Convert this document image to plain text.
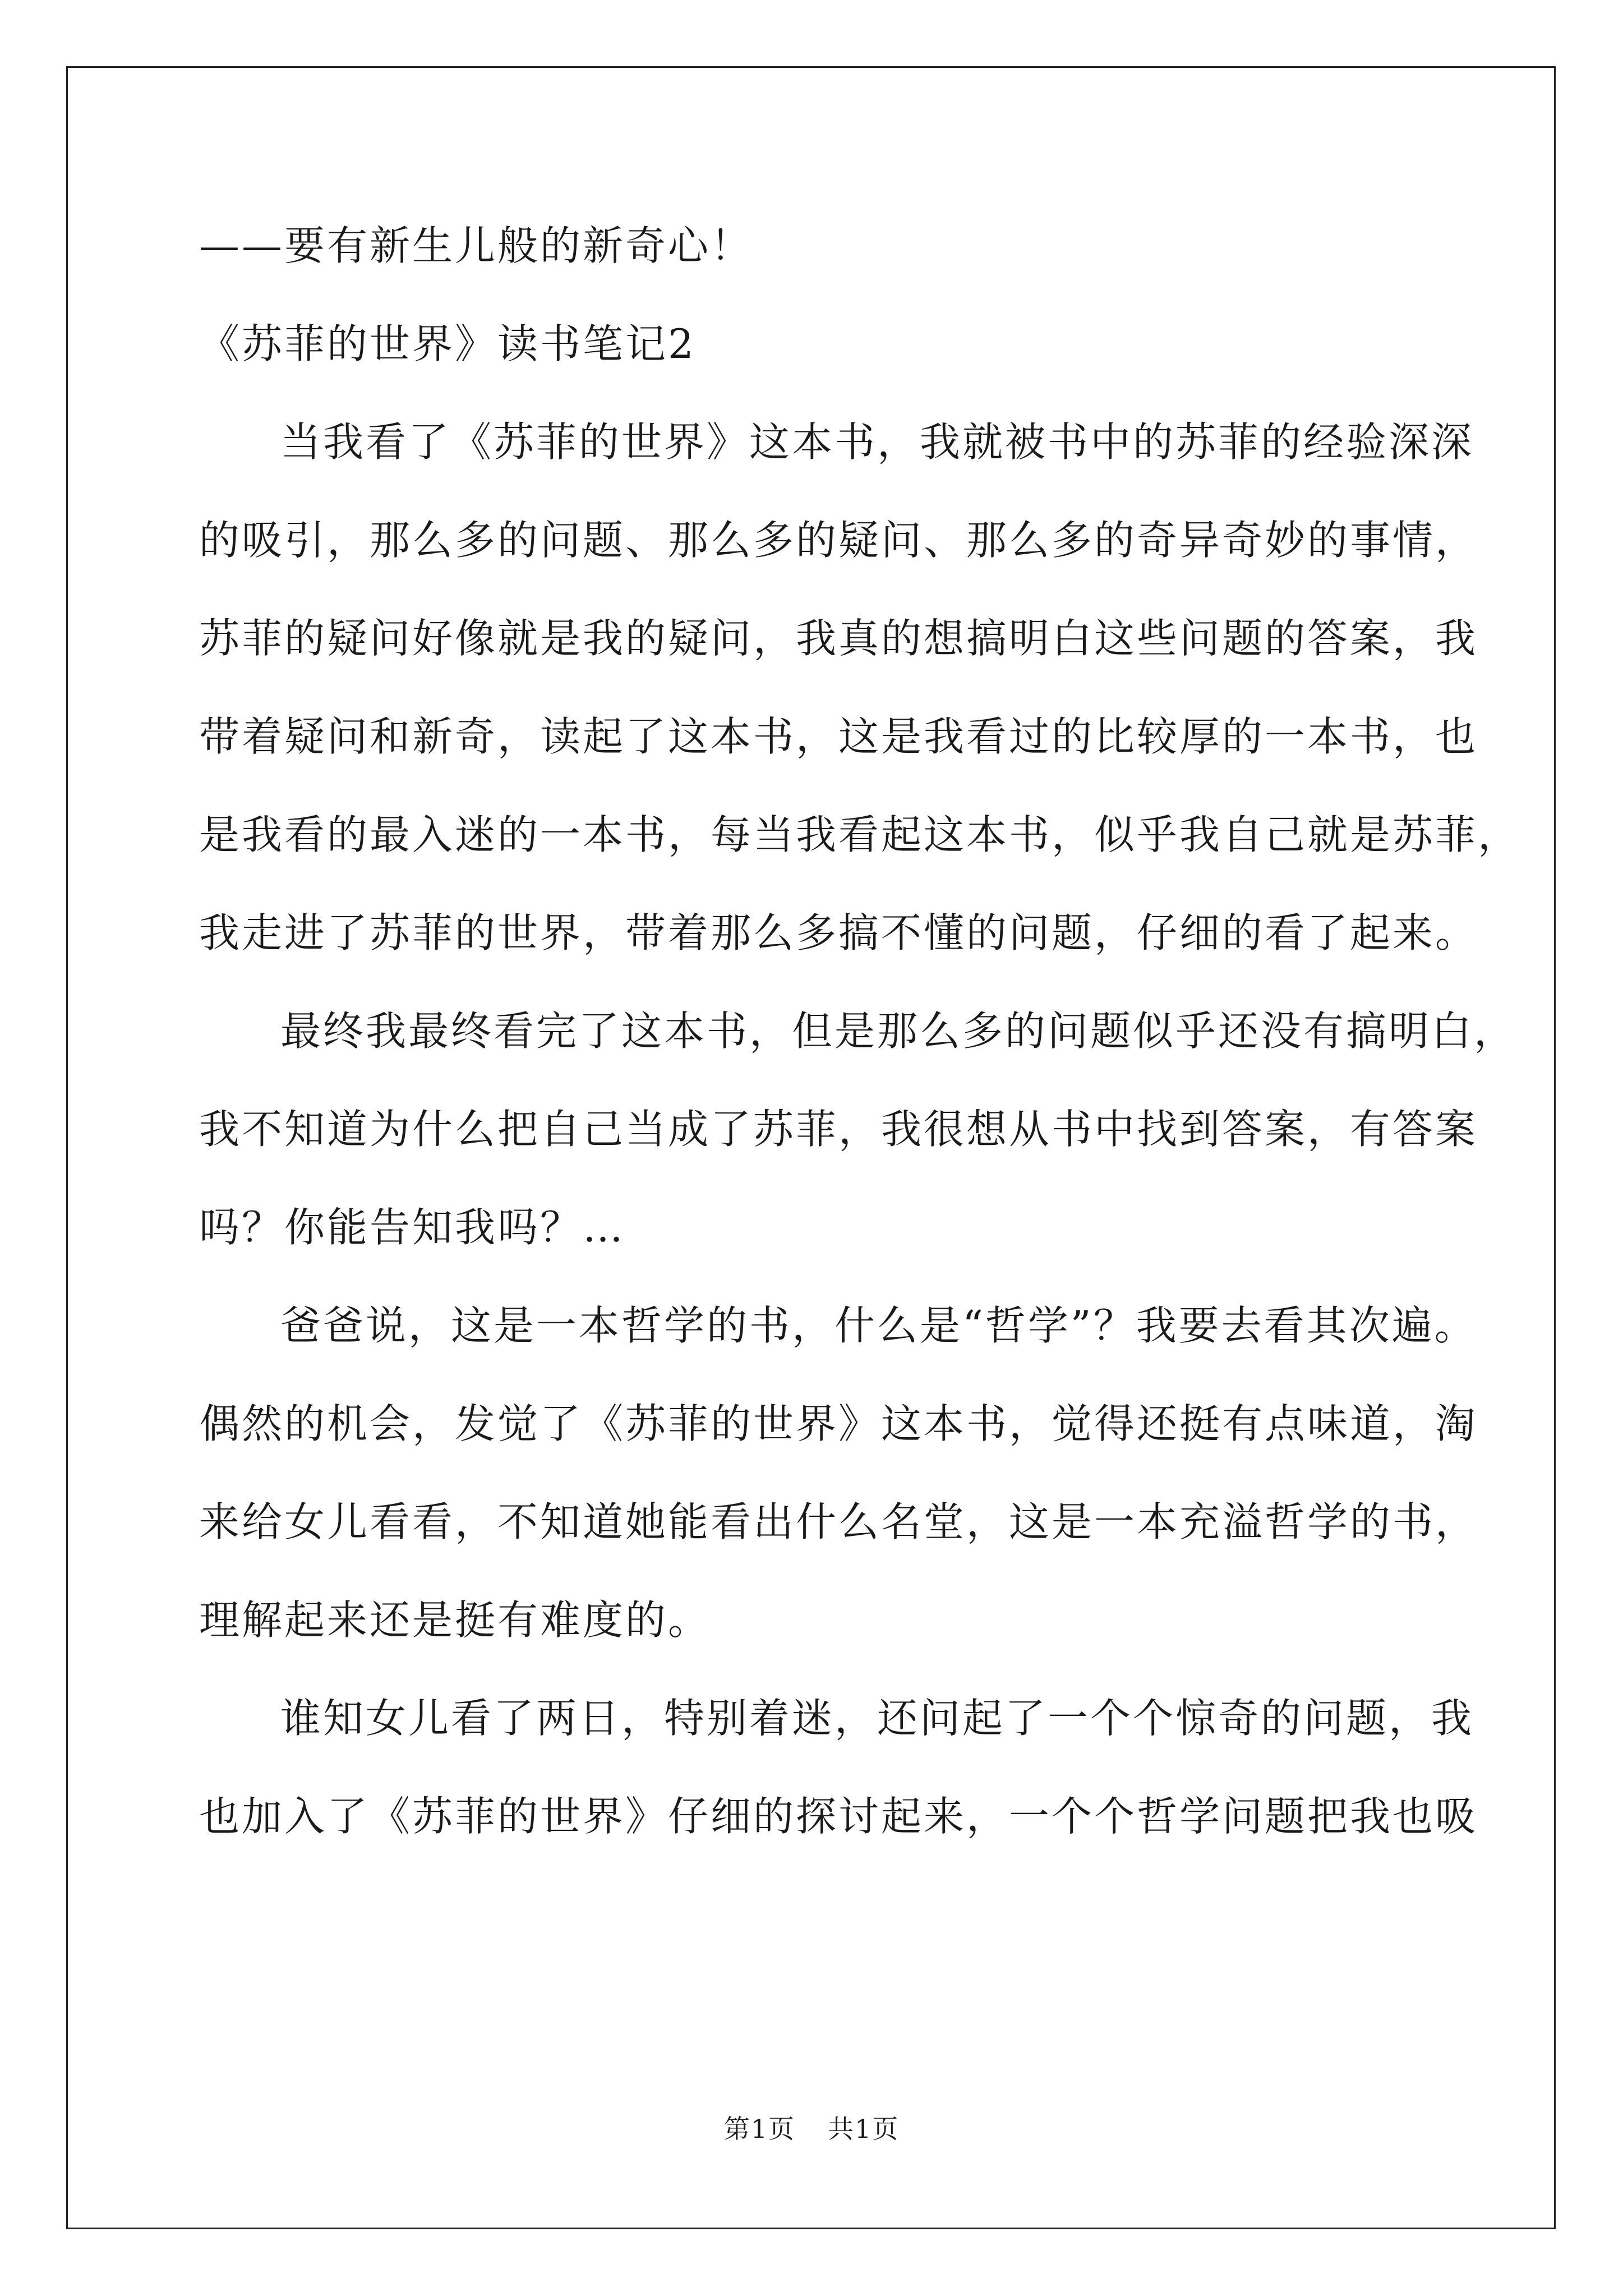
——要有新生儿般的新奇心！

《苏菲的世界》读书笔记2

当我看了《苏菲的世界》这本书，我就被书中的苏菲的经验深深

的吸引，那么多的问题、那么多的疑问、那么多的奇异奇妙的事情，

苏菲的疑问好像就是我的疑问，我真的想搞明白这些问题的答案，我

带着疑问和新奇，读起了这本书，这是我看过的比较厚的一本书，也

是我看的最入迷的一本书，每当我看起这本书，似乎我自己就是苏菲，

我走进了苏菲的世界，带着那么多搞不懂的问题，仔细的看了起来。

最终我最终看完了这本书，但是那么多的问题似乎还没有搞明白，

我不知道为什么把自己当成了苏菲，我很想从书中找到答案，有答案

吗？你能告知我吗？…

爸爸说，这是一本哲学的书，什么是“哲学”？我要去看其次遍。

偶然的机会，发觉了《苏菲的世界》这本书，觉得还挺有点味道，淘

来给女儿看看，不知道她能看出什么名堂，这是一本充溢哲学的书，

理解起来还是挺有难度的。

谁知女儿看了两日，特别着迷，还问起了一个个惊奇的问题，我

也加入了《苏菲的世界》仔细的探讨起来，一个个哲学问题把我也吸

第1页 共1页
